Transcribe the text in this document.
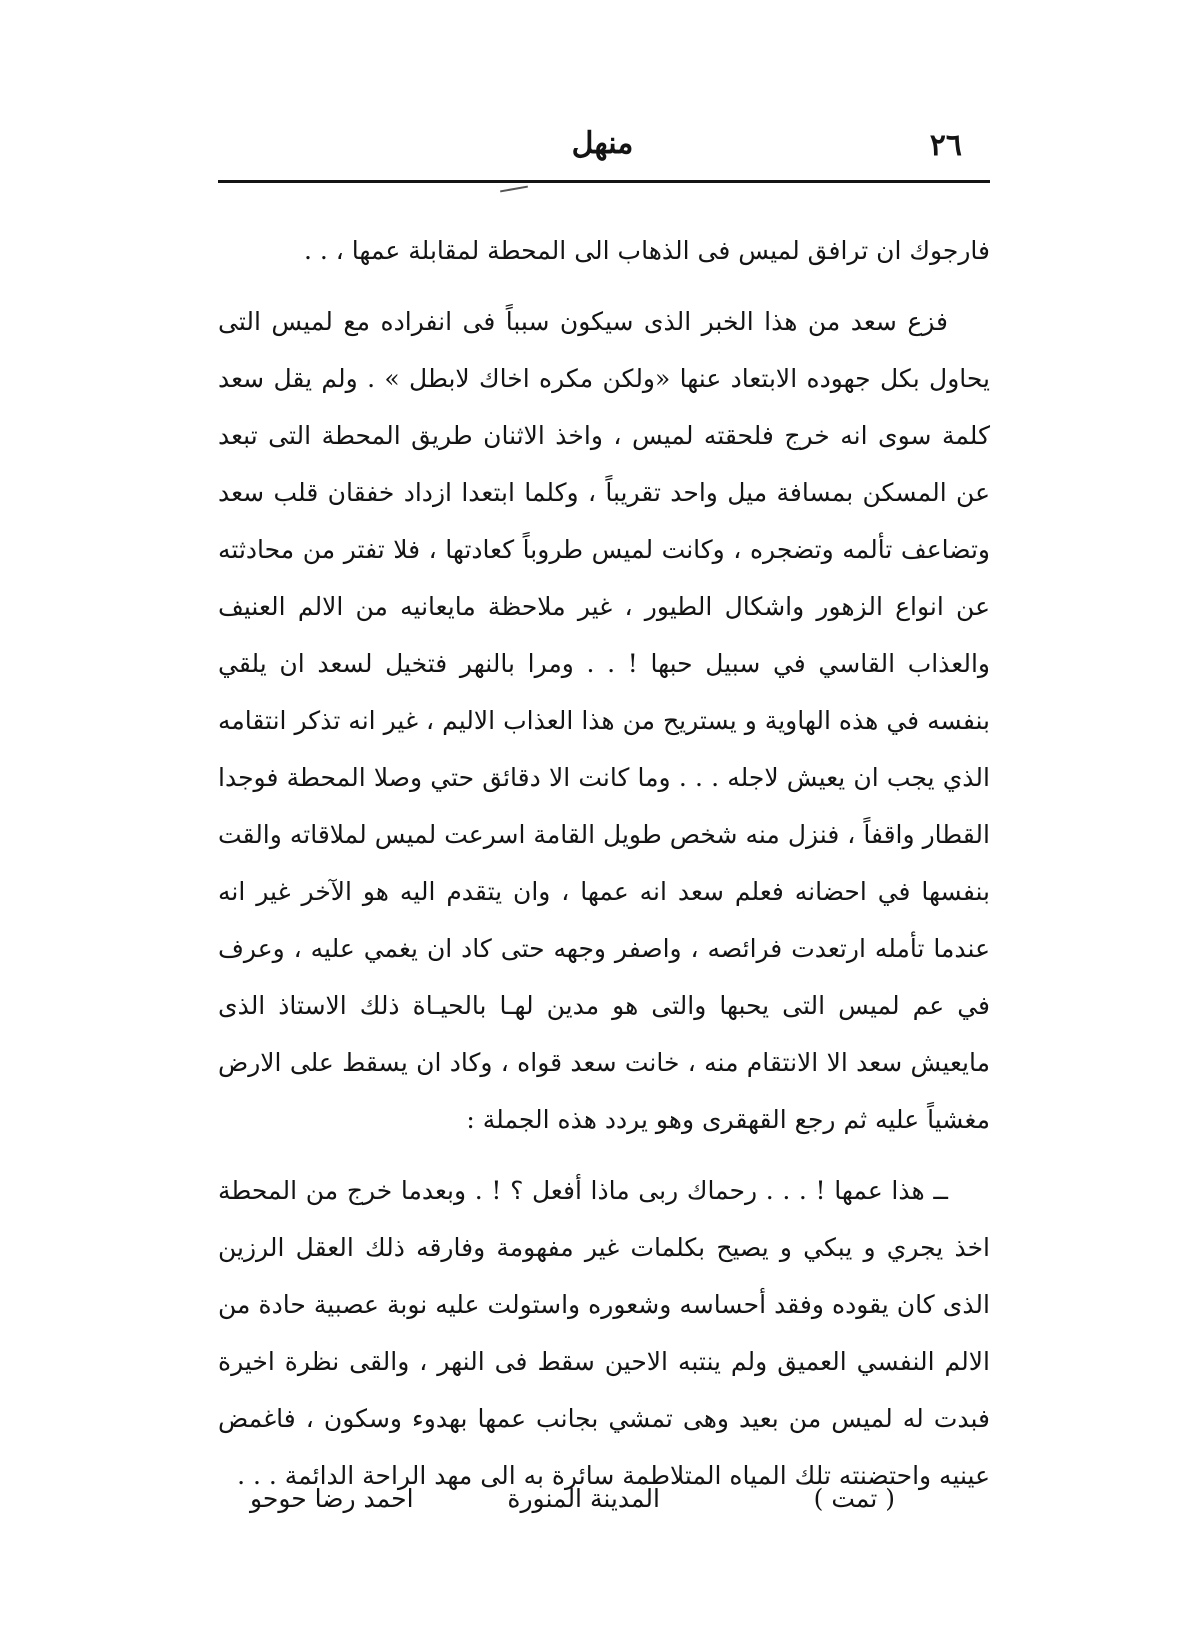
٢٦
منهل

فارجوك ان ترافق لميس فى الذهاب الى المحطة لمقابلة عمها ، . .

فزع سعد من هذا الخبر الذى سيكون سبباً فى انفراده مع لميس التى يحاول بكل جهوده الابتعاد عنها «ولكن مكره اخاك لابطل » . ولم يقل سعد كلمة سوى انه خرج فلحقته لميس ، واخذ الاثنان طريق المحطة التى تبعد عن المسكن بمسافة ميل واحد تقريباً ، وكلما ابتعدا ازداد خفقان قلب سعد وتضاعف تألمه وتضجره ، وكانت لميس طروباً كعادتها ، فلا تفتر من محادثته عن انواع الزهور واشكال الطيور ، غير ملاحظة مايعانيه من الالم العنيف والعذاب القاسي في سبيل حبها ! . . ومرا بالنهر فتخيل لسعد ان يلقي بنفسه في هذه الهاوية و يستريح من هذا العذاب الاليم ، غير انه تذكر انتقامه الذي يجب ان يعيش لاجله . . . وما كانت الا دقائق حتي وصلا المحطة فوجدا القطار واقفاً ، فنزل منه شخص طويل القامة اسرعت لميس لملاقاته والقت بنفسها في احضانه فعلم سعد انه عمها ، وان يتقدم اليه هو الآخر غير انه عندما تأمله ارتعدت فرائصه ، واصفر وجهه حتى كاد ان يغمي عليه ، وعرف في عم لميس التى يحبها والتى هو مدين لهـا بالحيـاة ذلك الاستاذ الذى مايعيش سعد الا الانتقام منه ، خانت سعد قواه ، وكاد ان يسقط على الارض مغشياً عليه ثم رجع القهقرى وهو يردد هذه الجملة :

ــ هذا عمها ! . . . رحماك ربى ماذا أفعل ؟ ! . وبعدما خرج من المحطة اخذ يجري و يبكي و يصيح بكلمات غير مفهومة وفارقه ذلك العقل الرزين الذى كان يقوده وفقد أحساسه وشعوره واستولت عليه نوبة عصبية حادة من الالم النفسي العميق ولم ينتبه الاحين سقط فى النهر ، والقى نظرة اخيرة فبدت له لميس من بعيد وهى تمشي بجانب عمها بهدوء وسكون ، فاغمض عينيه واحتضنته تلك المياه المتلاطمة سائرة به الى مهد الراحة الدائمة . . .

( تمت )
المدينة المنورة
احمد رضا حوحو
